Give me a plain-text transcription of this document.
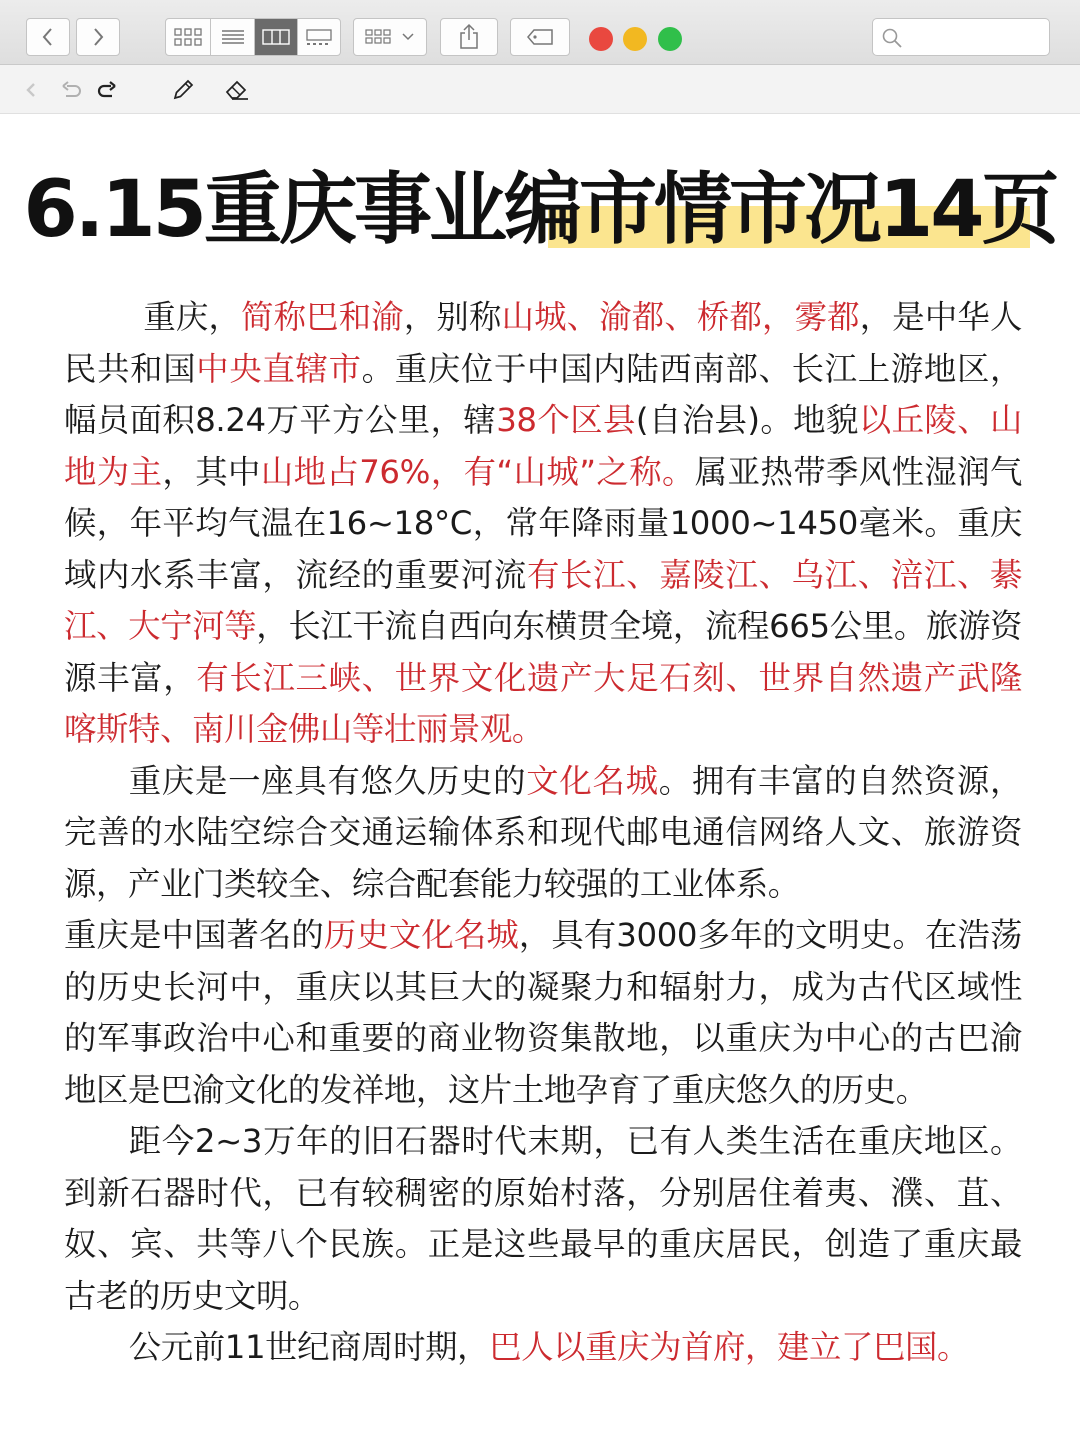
6.15重庆事业编市情市况14页

重庆，简称巴和渝，别称山城、渝都、桥都，雾都，是中华人民共和国中央直辖市。重庆位于中国内陆西南部、长江上游地区，幅员面积8.24万平方公里，辖38个区县(自治县)。地貌以丘陵、山地为主，其中山地占76%，有“山城”之称。属亚热带季风性湿润气候，年平均气温在16~18°C，常年降雨量1000~1450毫米。重庆域内水系丰富，流经的重要河流有长江、嘉陵江、乌江、涪江、綦江、大宁河等，长江干流自西向东横贯全境，流程665公里。旅游资源丰富，有长江三峡、世界文化遗产大足石刻、世界自然遗产武隆喀斯特、南川金佛山等壮丽景观。

重庆是一座具有悠久历史的文化名城。拥有丰富的自然资源，完善的水陆空综合交通运输体系和现代邮电通信网络人文、旅游资源，产业门类较全、综合配套能力较强的工业体系。

重庆是中国著名的历史文化名城，具有3000多年的文明史。在浩荡的历史长河中，重庆以其巨大的凝聚力和辐射力，成为古代区域性的军事政治中心和重要的商业物资集散地，以重庆为中心的古巴渝地区是巴渝文化的发祥地，这片土地孕育了重庆悠久的历史。

距今2~3万年的旧石器时代末期，已有人类生活在重庆地区。到新石器时代，已有较稠密的原始村落，分别居住着夷、濮、苴、奴、宾、共等八个民族。正是这些最早的重庆居民，创造了重庆最古老的历史文明。

公元前11世纪商周时期，巴人以重庆为首府，建立了巴国。
